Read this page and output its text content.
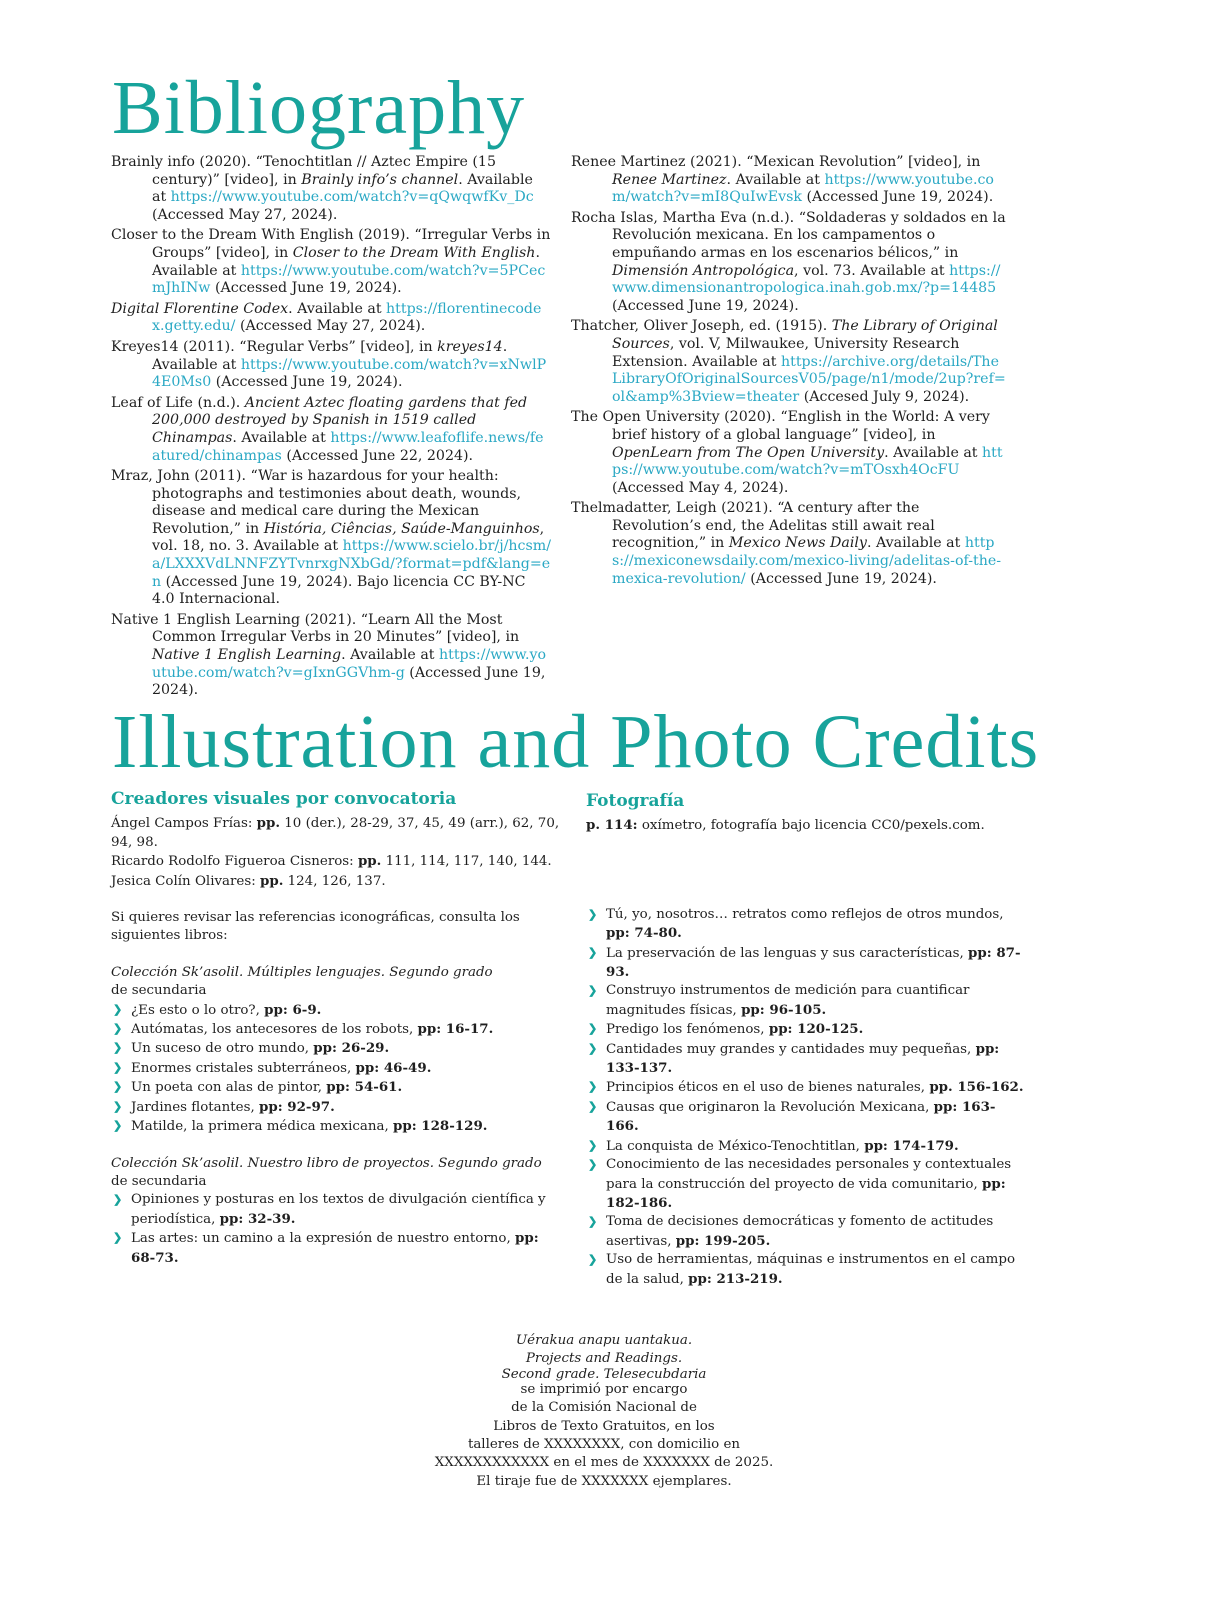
Bibliography
Brainly info (2020). “Tenochtitlan // Aztec Empire (15 century)” [video], in Brainly info’s channel. Available at https://www.youtube.com/watch?v=qQwqwfKv_Dc (Accessed May 27, 2024).
Closer to the Dream With English (2019). “Irregular Verbs in Groups” [video], in Closer to the Dream With English. Available at https://www.youtube.com/watch?v=5PCecmJhINw (Accessed June 19, 2024).
Digital Florentine Codex. Available at https://florentinecodex.getty.edu/ (Accessed May 27, 2024).
Kreyes14 (2011). “Regular Verbs” [video], in kreyes14. Available at https://www.youtube.com/watch?v=xNwlP4E0Ms0 (Accessed June 19, 2024).
Leaf of Life (n.d.). Ancient Aztec floating gardens that fed 200,000 destroyed by Spanish in 1519 called Chinampas. Available at https://www.leafoflife.news/featured/chinampas (Accessed June 22, 2024).
Mraz, John (2011). “War is hazardous for your health: photographs and testimonies about death, wounds, disease and medical care during the Mexican Revolution,” in História, Ciências, Saúde-Manguinhos, vol. 18, no. 3. Available at https://www.scielo.br/j/hcsm/a/LXXXVdLNNFZYTvnrxgNXbGd/?format=pdf&lang=en (Accessed June 19, 2024). Bajo licencia CC BY-NC 4.0 Internacional.
Native 1 English Learning (2021). “Learn All the Most Common Irregular Verbs in 20 Minutes” [video], in Native 1 English Learning. Available at https://www.youtube.com/watch?v=gIxnGGVhm-g (Accessed June 19, 2024).
Renee Martinez (2021). “Mexican Revolution” [video], in Renee Martinez. Available at https://www.youtube.com/watch?v=mI8QuIwEvsk (Accessed June 19, 2024).
Rocha Islas, Martha Eva (n.d.). “Soldaderas y soldados en la Revolución mexicana. En los campamentos o empuñando armas en los escenarios bélicos,” in Dimensión Antropológica, vol. 73. Available at https://www.dimensionantropologica.inah.gob.mx/?p=14485 (Accessed June 19, 2024).
Thatcher, Oliver Joseph, ed. (1915). The Library of Original Sources, vol. V, Milwaukee, University Research Extension. Available at https://archive.org/details/TheLibraryOfOriginalSourcesV05/page/n1/mode/2up?ref=ol&amp%3Bview=theater (Accesed July 9, 2024).
The Open University (2020). “English in the World: A very brief history of a global language” [video], in OpenLearn from The Open University. Available at https://www.youtube.com/watch?v=mTOsxh4OcFU (Accessed May 4, 2024).
Thelmadatter, Leigh (2021). “A century after the Revolution’s end, the Adelitas still await real recognition,” in Mexico News Daily. Available at https://mexiconewsdaily.com/mexico-living/adelitas-of-the-mexica-revolution/ (Accessed June 19, 2024).
Illustration and Photo Credits
Creadores visuales por convocatoria
Ángel Campos Frías: pp. 10 (der.), 28-29, 37, 45, 49 (arr.), 62, 70, 94, 98.
Ricardo Rodolfo Figueroa Cisneros: pp. 111, 114, 117, 140, 144.
Jesica Colín Olivares: pp. 124, 126, 137.
Si quieres revisar las referencias iconográficas, consulta los siguientes libros:
Colección Sk’asolil. Múltiples lenguajes. Segundo grado
de secundaria
❯ ¿Es esto o lo otro?, pp: 6-9.
❯ Autómatas, los antecesores de los robots, pp: 16-17.
❯ Un suceso de otro mundo, pp: 26-29.
❯ Enormes cristales subterráneos, pp: 46-49.
❯ Un poeta con alas de pintor, pp: 54-61.
❯ Jardines flotantes, pp: 92-97.
❯ Matilde, la primera médica mexicana, pp: 128-129.
Colección Sk’asolil. Nuestro libro de proyectos. Segundo grado
de secundaria
❯ Opiniones y posturas en los textos de divulgación científica y periodística, pp: 32-39.
❯ Las artes: un camino a la expresión de nuestro entorno, pp: 68-73.
Fotografía
p. 114: oxímetro, fotografía bajo licencia CC0/pexels.com.
❯ Tú, yo, nosotros… retratos como reflejos de otros mundos, pp: 74-80.
❯ La preservación de las lenguas y sus características, pp: 87-93.
❯ Construyo instrumentos de medición para cuantificar magnitudes físicas, pp: 96-105.
❯ Predigo los fenómenos, pp: 120-125.
❯ Cantidades muy grandes y cantidades muy pequeñas, pp: 133-137.
❯ Principios éticos en el uso de bienes naturales, pp. 156-162.
❯ Causas que originaron la Revolución Mexicana, pp: 163-166.
❯ La conquista de México-Tenochtitlan, pp: 174-179.
❯ Conocimiento de las necesidades personales y contextuales para la construcción del proyecto de vida comunitario, pp: 182-186.
❯ Toma de decisiones democráticas y fomento de actitudes asertivas, pp: 199-205.
❯ Uso de herramientas, máquinas e instrumentos en el campo de la salud, pp: 213-219.
Uérakua anapu uantakua.
Projects and Readings.
Second grade. Telesecubdaria
se imprimió por encargo
de la Comisión Nacional de
Libros de Texto Gratuitos, en los
talleres de XXXXXXXX, con domicilio en
XXXXXXXXXXXX en el mes de XXXXXXX de 2025.
El tiraje fue de XXXXXXX ejemplares.
